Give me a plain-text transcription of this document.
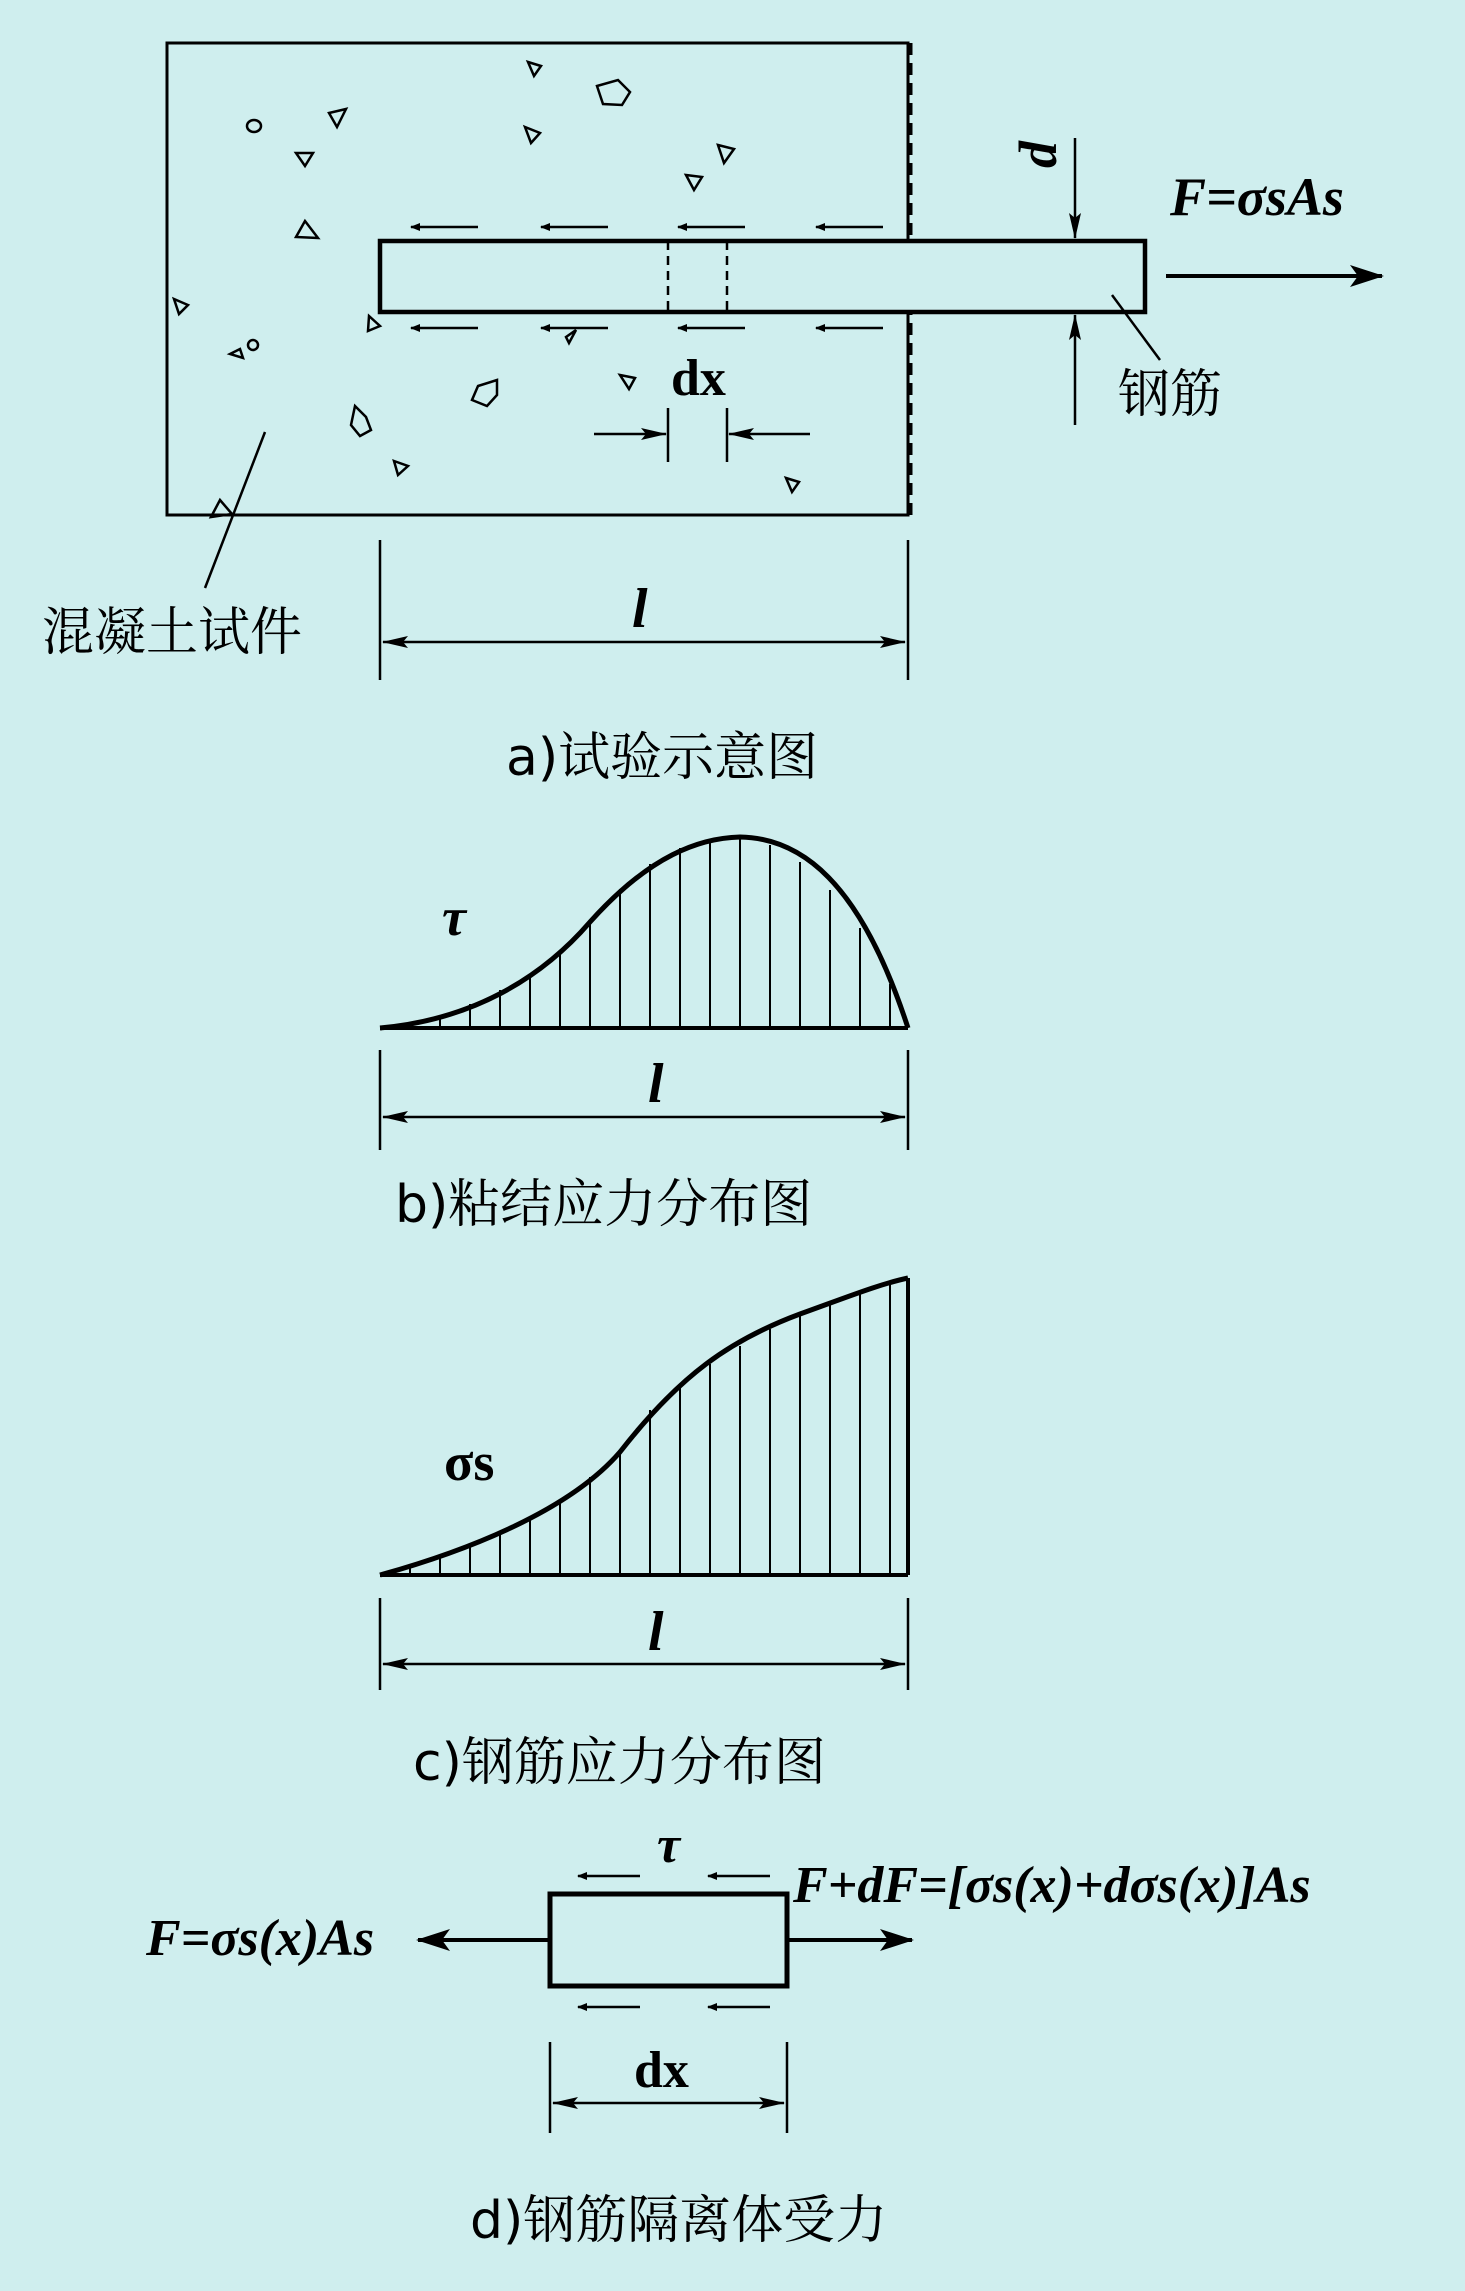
F=σsAs
d
钢筋
dx
混凝土试件	l
a)试验示意图
τ
l
b)粘结应力分布图
σs
l
c)钢筋应力分布图
τ
F=σs(x)As
F+dF=[σs(x)+dσs(x)]As
dx
d)钢筋隔离体受力
